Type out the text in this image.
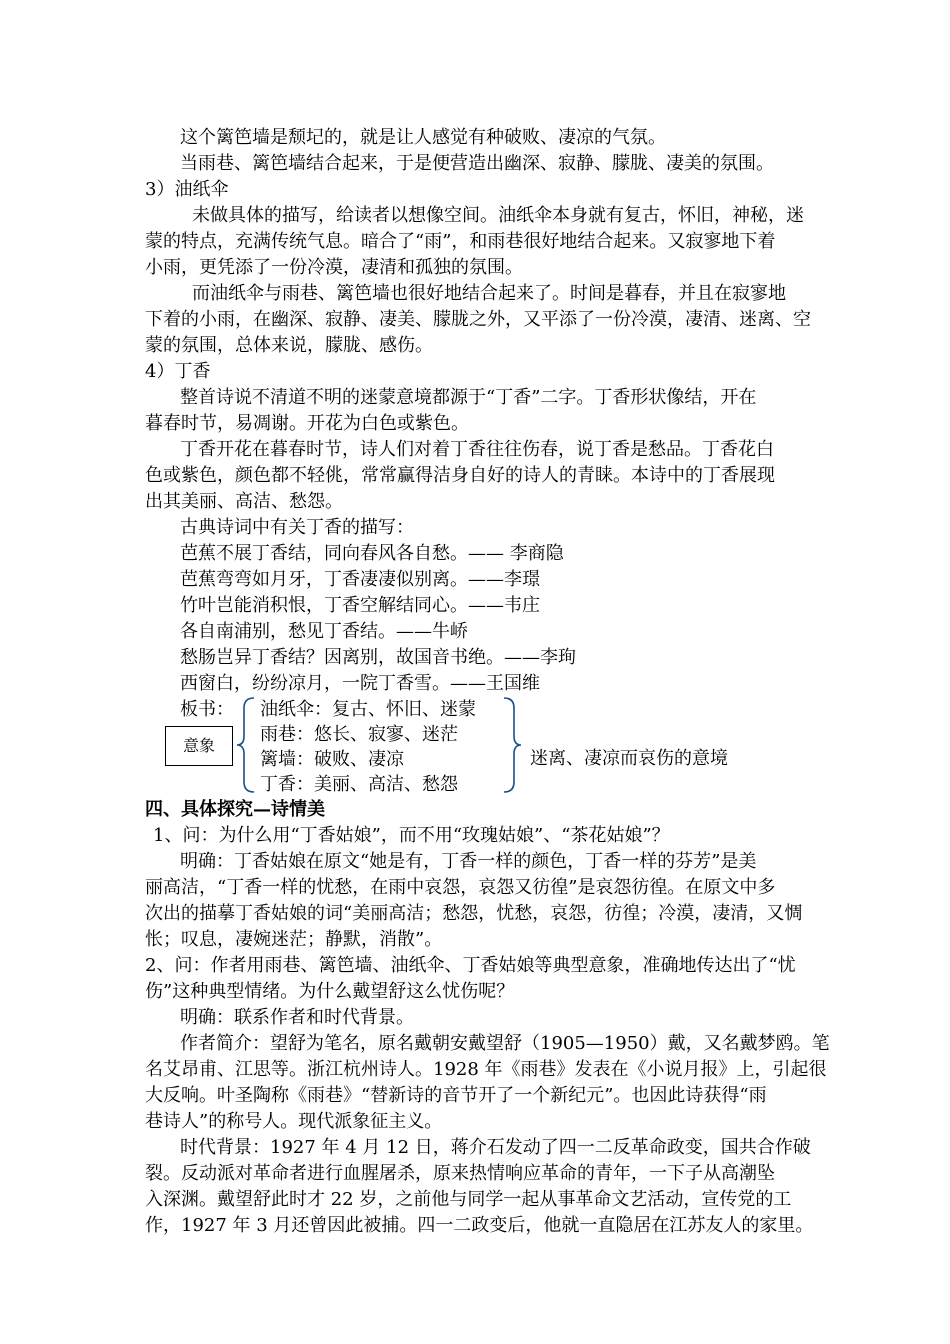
这个篱笆墙是颓圮的，就是让人感觉有种破败、凄凉的气氛。
当雨巷、篱笆墙结合起来，于是便营造出幽深、寂静、朦胧、凄美的氛围。
3）油纸伞
未做具体的描写，给读者以想像空间。油纸伞本身就有复古，怀旧，神秘，迷
蒙的特点，充满传统气息。暗合了“雨”，和雨巷很好地结合起来。又寂寥地下着
小雨，更凭添了一份冷漠，凄清和孤独的氛围。
而油纸伞与雨巷、篱笆墙也很好地结合起来了。时间是暮春，并且在寂寥地
下着的小雨，在幽深、寂静、凄美、朦胧之外，又平添了一份冷漠，凄清、迷离、空
蒙的氛围，总体来说，朦胧、感伤。
4）丁香
整首诗说不清道不明的迷蒙意境都源于“丁香”二字。丁香形状像结，开在
暮春时节，易凋谢。开花为白色或紫色。
丁香开花在暮春时节，诗人们对着丁香往往伤春，说丁香是愁品。丁香花白
色或紫色，颜色都不轻佻，常常赢得洁身自好的诗人的青睐。本诗中的丁香展现
出其美丽、高洁、愁怨。
古典诗词中有关丁香的描写：
芭蕉不展丁香结，同向春风各自愁。—— 李商隐
芭蕉弯弯如月牙，丁香凄凄似别离。——李璟
竹叶岂能消积恨，丁香空解结同心。——韦庄
各自南浦别，愁见丁香结。——牛峤
愁肠岂异丁香结？因离别，故国音书绝。——李珣
西窗白，纷纷凉月，一院丁香雪。——王国维
板书：
意象
油纸伞：复古、怀旧、迷蒙
雨巷：悠长、寂寥、迷茫
篱墙：破败、凄凉
丁香：美丽、高洁、愁怨
迷离、凄凉而哀伤的意境
四、具体探究—诗情美
1、问：为什么用“丁香姑娘”，而不用“玫瑰姑娘”、“茶花姑娘”？
明确：丁香姑娘在原文“她是有，丁香一样的颜色，丁香一样的芬芳”是美
丽高洁，“丁香一样的忧愁，在雨中哀怨，哀怨又彷徨”是哀怨彷徨。在原文中多
次出的描摹丁香姑娘的词“美丽高洁；愁怨，忧愁，哀怨，彷徨；冷漠，凄清，又惆
怅；叹息，凄婉迷茫；静默，消散”。
2、问：作者用雨巷、篱笆墙、油纸伞、丁香姑娘等典型意象，准确地传达出了“忧
伤”这种典型情绪。为什么戴望舒这么忧伤呢？
明确：联系作者和时代背景。
作者简介：望舒为笔名，原名戴朝安戴望舒（1905—1950）戴，又名戴梦鸥。笔
名艾昂甫、江思等。浙江杭州诗人。1928 年《雨巷》发表在《小说月报》上，引起很
大反响。叶圣陶称《雨巷》“替新诗的音节开了一个新纪元”。也因此诗获得“雨
巷诗人”的称号人。现代派象征主义。
时代背景：1927 年 4 月 12 日，蒋介石发动了四一二反革命政变，国共合作破
裂。反动派对革命者进行血腥屠杀，原来热情响应革命的青年，一下子从高潮坠
入深渊。戴望舒此时才 22 岁，之前他与同学一起从事革命文艺活动，宣传党的工
作，1927 年 3 月还曾因此被捕。四一二政变后，他就一直隐居在江苏友人的家里。
